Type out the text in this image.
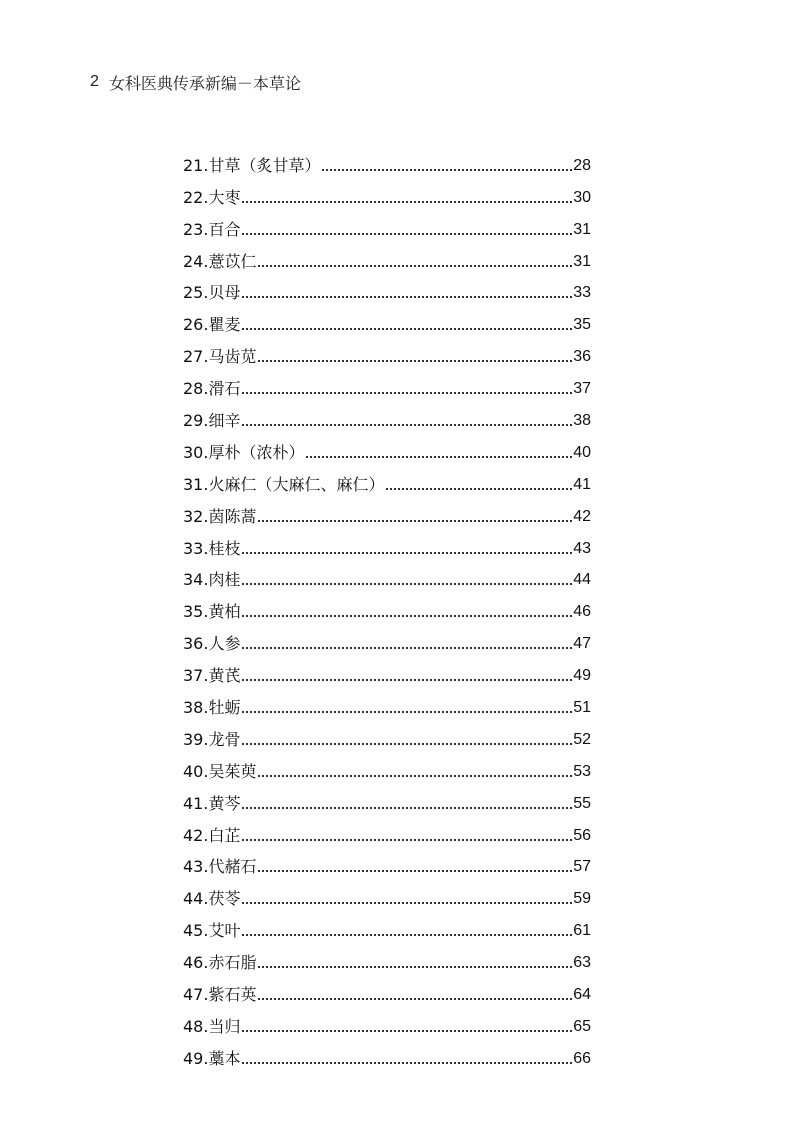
2 女科医典传承新编－本草论
21.甘草（炙甘草）	28
22.大枣	30
23.百合	31
24.薏苡仁	31
25.贝母	33
26.瞿麦	35
27.马齿苋	36
28.滑石	37
29.细辛	38
30.厚朴（浓朴）	40
31.火麻仁（大麻仁、麻仁）	41
32.茵陈蒿	42
33.桂枝	43
34.肉桂	44
35.黄柏	46
36.人参	47
37.黄芪	49
38.牡蛎	51
39.龙骨	52
40.吴茱萸	53
41.黄芩	55
42.白芷	56
43.代赭石	57
44.茯苓	59
45.艾叶	61
46.赤石脂	63
47.紫石英	64
48.当归	65
49.藁本	66
